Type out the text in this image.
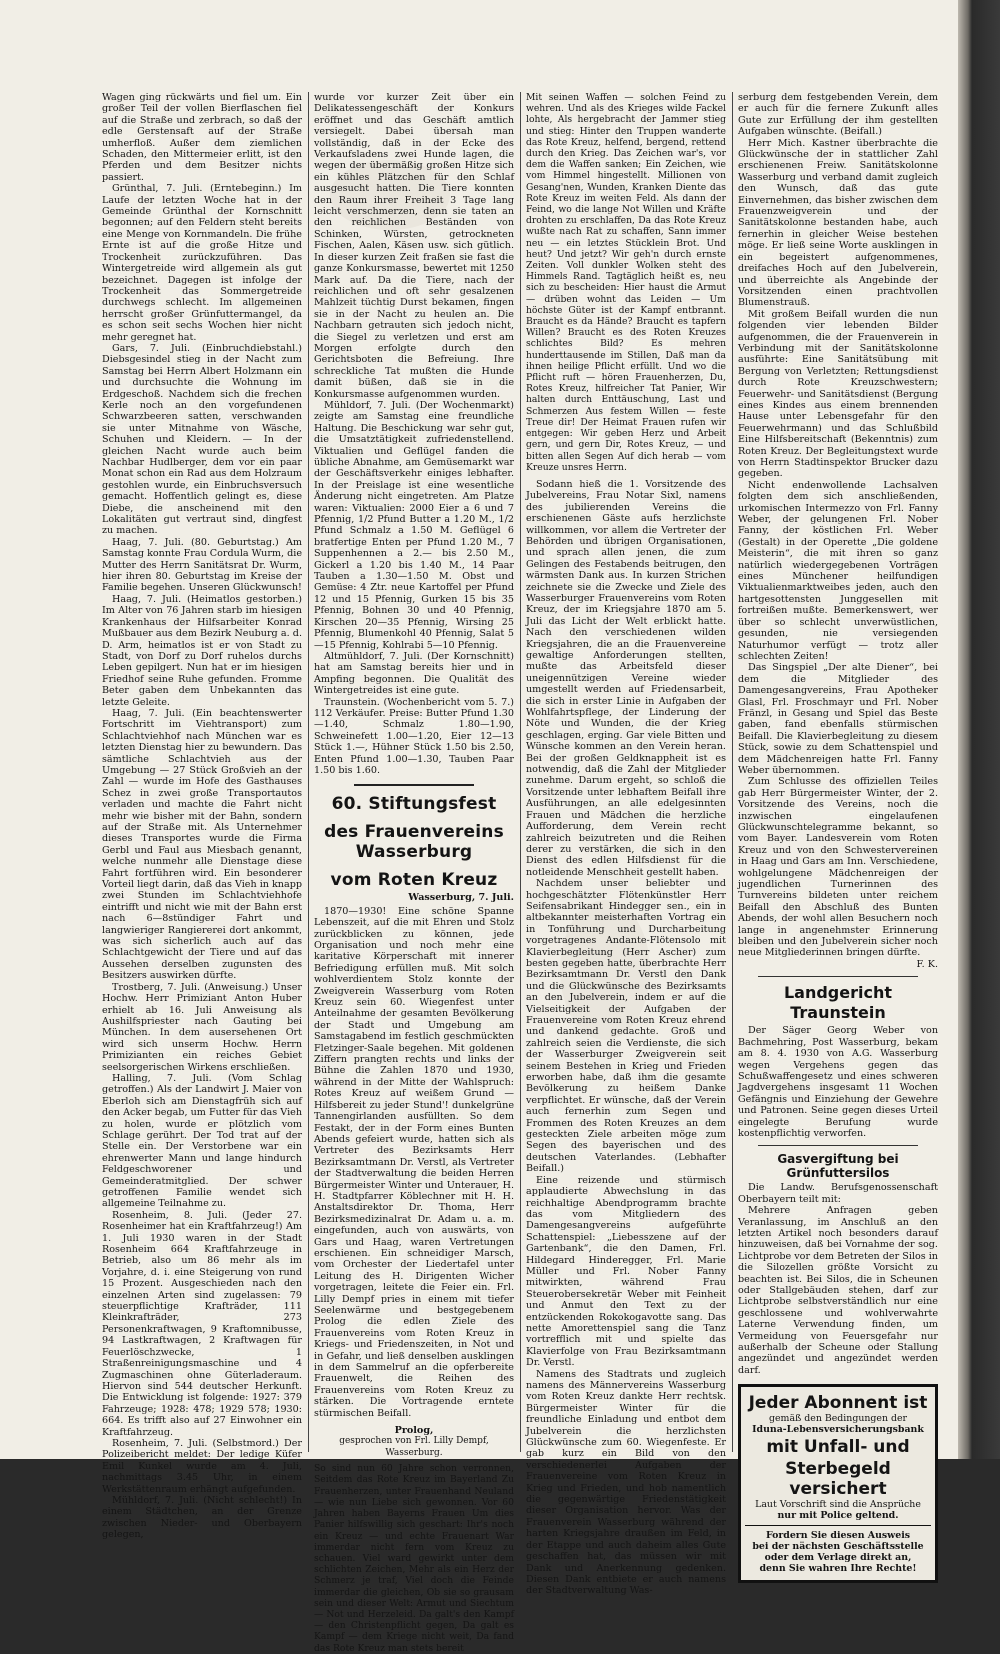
Wagen ging rückwärts und fiel um. Ein großer Teil der vollen Bierflaschen fiel auf die Straße und zerbrach, so daß der edle Gerstensaft auf der Straße umherfloß. Außer dem ziemlichen Schaden, den Mittermeier erlitt, ist den Pferden und dem Besitzer nichts passiert.

Grünthal, 7. Juli. (Erntebeginn.) Im Laufe der letzten Woche hat in der Gemeinde Grünthal der Kornschnitt begonnen; auf den Feldern steht bereits eine Menge von Kornmandeln. Die frühe Ernte ist auf die große Hitze und Trockenheit zurückzuführen. Das Wintergetreide wird allgemein als gut bezeichnet. Dagegen ist infolge der Trockenheit das Sommergetreide durchwegs schlecht. Im allgemeinen herrscht großer Grünfuttermangel, da es schon seit sechs Wochen hier nicht mehr geregnet hat.

Gars, 7. Juli. (Einbruchdiebstahl.) Diebsgesindel stieg in der Nacht zum Samstag bei Herrn Albert Holzmann ein und durchsuchte die Wohnung im Erdgeschoß. Nachdem sich die frechen Kerle noch an den vorgefundenen Schwarzbeeren satten, verschwanden sie unter Mitnahme von Wäsche, Schuhen und Kleidern. — In der gleichen Nacht wurde auch beim Nachbar Hudlberger, dem vor ein paar Monat schon ein Rad aus dem Holzraum gestohlen wurde, ein Einbruchsversuch gemacht. Hoffentlich gelingt es, diese Diebe, die anscheinend mit den Lokalitäten gut vertraut sind, dingfest zu machen.

Haag, 7. Juli. (80. Geburtstag.) Am Samstag konnte Frau Cordula Wurm, die Mutter des Herrn Sanitätsrat Dr. Wurm, hier ihren 80. Geburtstag im Kreise der Familie begehen. Unseren Glückwunsch!

Haag, 7. Juli. (Heimatlos gestorben.) Im Alter von 76 Jahren starb im hiesigen Krankenhaus der Hilfsarbeiter Konrad Mußbauer aus dem Bezirk Neuburg a. d. D. Arm, heimatlos ist er von Stadt zu Stadt, von Dorf zu Dorf ruhelos durchs Leben gepilgert. Nun hat er im hiesigen Friedhof seine Ruhe gefunden. Fromme Beter gaben dem Unbekannten das letzte Geleite.

Haag, 7. Juli. (Ein beachtenswerter Fortschritt im Viehtransport) zum Schlachtviehhof nach München war es letzten Dienstag hier zu bewundern. Das sämtliche Schlachtvieh aus der Umgebung — 27 Stück Großvieh an der Zahl — wurde im Hofe des Gasthauses Schez in zwei große Transportautos verladen und machte die Fahrt nicht mehr wie bisher mit der Bahn, sondern auf der Straße mit. Als Unternehmer dieses Transportes wurde die Firma Gerbl und Faul aus Miesbach genannt, welche nunmehr alle Dienstage diese Fahrt fortführen wird. Ein besonderer Vorteil liegt darin, daß das Vieh in knapp zwei Stunden im Schlachtviehhofe eintrifft und nicht wie mit der Bahn erst nach 6—8stündiger Fahrt und langwieriger Rangiererei dort ankommt, was sich sicherlich auch auf das Schlachtgewicht der Tiere und auf das Aussehen derselben zugunsten des Besitzers auswirken dürfte.

Trostberg, 7. Juli. (Anweisung.) Unser Hochw. Herr Primiziant Anton Huber erhielt ab 16. Juli Anweisung als Aushilfspriester nach Gauting bei München. In dem ausersehenen Ort wird sich unserm Hochw. Herrn Primizianten ein reiches Gebiet seelsorgerischen Wirkens erschließen.

Halling, 7. Juli. (Vom Schlag getroffen.) Als der Landwirt J. Maier von Eberloh sich am Dienstagfrüh sich auf den Acker begab, um Futter für das Vieh zu holen, wurde er plötzlich vom Schlage gerührt. Der Tod trat auf der Stelle ein. Der Verstorbene war ein ehrenwerter Mann und lange hindurch Feldgeschworener und Gemeinderatmitglied. Der schwer getroffenen Familie wendet sich allgemeine Teilnahme zu.

Rosenheim, 8. Juli. (Jeder 27. Rosenheimer hat ein Kraftfahrzeug!) Am 1. Juli 1930 waren in der Stadt Rosenheim 664 Kraftfahrzeuge in Betrieb, also um 86 mehr als im Vorjahre, d. i. eine Steigerung von rund 15 Prozent. Ausgeschieden nach den einzelnen Arten sind zugelassen: 79 steuerpflichtige Krafträder, 111 Kleinkrafträder, 273 Personenkraftwagen, 9 Kraftomnibusse, 94 Lastkraftwagen, 2 Kraftwagen für Feuerlöschzwecke, 1 Straßenreinigungsmaschine und 4 Zugmaschinen ohne Güterladeraum. Hiervon sind 544 deutscher Herkunft. Die Entwicklung ist folgende: 1927: 379 Fahrzeuge; 1928: 478; 1929 578; 1930: 664. Es trifft also auf 27 Einwohner ein Kraftfahrzeug.

Rosenheim, 7. Juli. (Selbstmord.) Der Polizeibericht meldet: Der ledige Küfer Emil Kunkel wurde am 4. Juli, nachmittags 3.45 Uhr, in einem Werkstättenraum erhängt aufgefunden.

Mühldorf, 7. Juli. (Nicht schlecht!) In einem Städtchen, an der Grenze zwischen Nieder- und Oberbayern gelegen,

wurde vor kurzer Zeit über ein Delikatessengeschäft der Konkurs eröffnet und das Geschäft amtlich versiegelt. Dabei übersah man vollständig, daß in der Ecke des Verkaufsladens zwei Hunde lagen, die wegen der übermäßig großen Hitze sich ein kühles Plätzchen für den Schlaf ausgesucht hatten. Die Tiere konnten den Raum ihrer Freiheit 3 Tage lang leicht verschmerzen, denn sie taten an den reichlichen Beständen von Schinken, Würsten, getrockneten Fischen, Aalen, Käsen usw. sich gütlich. In dieser kurzen Zeit fraßen sie fast die ganze Konkursmasse, bewertet mit 1250 Mark auf. Da die Tiere, nach der reichlichen und oft sehr gesalzenen Mahlzeit tüchtig Durst bekamen, fingen sie in der Nacht zu heulen an. Die Nachbarn getrauten sich jedoch nicht, die Siegel zu verletzen und erst am Morgen erfolgte durch den Gerichtsboten die Befreiung. Ihre schreckliche Tat mußten die Hunde damit büßen, daß sie in die Konkursmasse aufgenommen wurden.

Mühldorf, 7. Juli. (Der Wochenmarkt) zeigte am Samstag eine freundliche Haltung. Die Beschickung war sehr gut, die Umsatztätigkeit zufriedenstellend. Viktualien und Geflügel fanden die übliche Abnahme, am Gemüsemarkt war der Geschäftsverkehr einiges lebhafter. In der Preislage ist eine wesentliche Änderung nicht eingetreten. Am Platze waren: Viktualien: 2000 Eier a 6 und 7 Pfennig, 1/2 Pfund Butter a 1.20 M., 1/2 Pfund Schmalz a 1.50 M. Geflügel 6 bratfertige Enten per Pfund 1.20 M., 7 Suppenhennen a 2.— bis 2.50 M., Gickerl a 1.20 bis 1.40 M., 14 Paar Tauben a 1.30—1.50 M. Obst und Gemüse: 4 Ztr. neue Kartoffel per Pfund 12 und 15 Pfennig, Gurken 15 bis 35 Pfennig, Bohnen 30 und 40 Pfennig, Kirschen 20—35 Pfennig, Wirsing 25 Pfennig, Blumenkohl 40 Pfennig, Salat 5—15 Pfennig, Kohlrabi 5—10 Pfennig.

Altmühldorf, 7. Juli. (Der Kornschnitt) hat am Samstag bereits hier und in Ampfing begonnen. Die Qualität des Wintergetreides ist eine gute.

Traunstein. (Wochenbericht vom 5. 7.) 112 Verkäufer. Preise: Butter Pfund 1.30—1.40, Schmalz 1.80—1.90, Schweinefett 1.00—1.20, Eier 12—13 Stück 1.—, Hühner Stück 1.50 bis 2.50, Enten Pfund 1.00—1.30, Tauben Paar 1.50 bis 1.60.

60. Stiftungsfest
des Frauenvereins Wasserburg
vom Roten Kreuz
Wasserburg, 7. Juli.

1870—1930! Eine schöne Spanne Lebenszeit, auf die mit Ehren und Stolz zurückblicken zu können, jede Organisation und noch mehr eine karitative Körperschaft mit innerer Befriedigung erfüllen muß. Mit solch wohlverdientem Stolz konnte der Zweigverein Wasserburg vom Roten Kreuz sein 60. Wiegenfest unter Anteilnahme der gesamten Bevölkerung der Stadt und Umgebung am Samstagabend im festlich geschmückten Fletzinger-Saale begehen. Mit goldenen Ziffern prangten rechts und links der Bühne die Zahlen 1870 und 1930, während in der Mitte der Wahlspruch: Rotes Kreuz auf weißem Grund — Hilfsbereit zu jeder Stund'! dunkelgrüne Tannengirlanden ausfüllten. So dem Festakt, der in der Form eines Bunten Abends gefeiert wurde, hatten sich als Vertreter des Bezirksamts Herr Bezirksamtmann Dr. Verstl, als Vertreter der Stadtverwaltung die beiden Herren Bürgermeister Winter und Unterauer, H. H. Stadtpfarrer Köblechner mit H. H. Anstaltsdirektor Dr. Thoma, Herr Bezirksmedizinalrat Dr. Adam u. a. m. eingefunden, auch von auswärts, von Gars und Haag, waren Vertretungen erschienen. Ein schneidiger Marsch, vom Orchester der Liedertafel unter Leitung des H. Dirigenten Wicher vorgetragen, leitete die Feier ein. Frl. Lilly Dempf pries in einem mit tiefer Seelenwärme und bestgegebenem Prolog die edlen Ziele des Frauenvereins vom Roten Kreuz in Kriegs- und Friedenszeiten, in Not und in Gefahr, und ließ denselben ausklingen in dem Sammelruf an die opferbereite Frauenwelt, die Reihen des Frauenvereins vom Roten Kreuz zu stärken. Die Vortragende erntete stürmischen Beifall.

Prolog,
gesprochen von Frl. Lilly Dempf, Wasserburg.

So sind nun 60 Jahre schon verronnen, Seitdem das Rote Kreuz im Bayerland Zu Frauenherzen, unter Frauenhand Neuland — wie nun Liebe sich gewonnen. Vor 60 Jahren haben Bayerns Frauen Um dies Panier hilfswillig sich geschart: Ihr's noch ein Kreuz — und echte Frauenart War immerdar nicht fern vom Kreuz zu schauen. Viel ward gewirkt unter dem schlichten Zeichen, Mehr als ein Herz der Schmerz je traf, Viel doch die Feinde immerdar die gleichen, Ob sie so grausam sein und dieser Welt: Armut und Siechtum — Not und Herzeleid. Da galt's den Kampf — den Christenpflicht gegen, Da galt es Kampf — dem Kriege nicht weit, Da fand das Rote Kreuz man stets bereit

Mit seinen Waffen — solchen Feind zu wehren. Und als des Krieges wilde Fackel lohte, Als hergebracht der Jammer stieg und stieg: Hinter den Truppen wanderte das Rote Kreuz, helfend, bergend, rettend durch den Krieg. Das Zeichen war's, vor dem die Waffen sanken; Ein Zeichen, wie vom Himmel hingestellt. Millionen von Gesang'nen, Wunden, Kranken Diente das Rote Kreuz im weiten Feld. Als dann der Feind, wo die lange Not Willen und Kräfte drohten zu erschlaffen, Da das Rote Kreuz wußte nach Rat zu schaffen, Sann immer neu — ein letztes Stücklein Brot. Und heut? Und jetzt? Wir geh'n durch ernste Zeiten. Voll dunkler Wolken steht des Himmels Rand. Tagtäglich heißt es, neu sich zu bescheiden: Hier haust die Armut — drüben wohnt das Leiden — Um höchste Güter ist der Kampf entbrannt. Braucht es da Hände? Braucht es tapfern Willen? Braucht es des Roten Kreuzes schlichtes Bild? Es mehren hunderttausende im Stillen, Daß man da ihnen heilige Pflicht erfüllt. Und wo die Pflicht ruft — hören Frauenherzen, Du, Rotes Kreuz, hilfreicher Tat Panier, Wir halten durch Enttäuschung, Last und Schmerzen Aus festem Willen — feste Treue dir! Der Heimat Frauen rufen wir entgegen: Wir geben Herz und Arbeit gern, und gern Dir, Rotes Kreuz, — und bitten allen Segen Auf dich herab — vom Kreuze unsres Herrn.

Sodann hieß die 1. Vorsitzende des Jubelvereins, Frau Notar Sixl, namens des jubilierenden Vereins die erschienenen Gäste aufs herzlichste willkommen, vor allem die Vertreter der Behörden und übrigen Organisationen, und sprach allen jenen, die zum Gelingen des Festabends beitrugen, den wärmsten Dank aus. In kurzen Strichen zeichnete sie die Zwecke und Ziele des Wasserburger Frauenvereins vom Roten Kreuz, der im Kriegsjahre 1870 am 5. Juli das Licht der Welt erblickt hatte. Nach den verschiedenen wilden Kriegsjahren, die an die Frauenvereine gewaltige Anforderungen stellten, mußte das Arbeitsfeld dieser uneigennützigen Vereine wieder umgestellt werden auf Friedensarbeit, die sich in erster Linie in Aufgaben der Wohlfahrtspflege, der Linderung der Nöte und Wunden, die der Krieg geschlagen, erging. Gar viele Bitten und Wünsche kommen an den Verein heran. Bei der großen Geldknappheit ist es notwendig, daß die Zahl der Mitglieder zunehme. Darum ergeht, so schloß die Vorsitzende unter lebhaftem Beifall ihre Ausführungen, an alle edelgesinnten Frauen und Mädchen die herzliche Aufforderung, dem Verein recht zahlreich beizutreten und die Reihen derer zu verstärken, die sich in den Dienst des edlen Hilfsdienst für die notleidende Menschheit gestellt haben.

Nachdem unser beliebter und hochgeschätzter Flötenkünstler Herr Seifensabrikant Hindegger sen., ein in altbekannter meisterhaften Vortrag ein in Tonführung und Durcharbeitung vorgetragenes Andante-Flötensolo mit Klavierbegleitung (Herr Ascher) zum besten gegeben hatte, überbrachte Herr Bezirksamtmann Dr. Verstl den Dank und die Glückwünsche des Bezirksamts an den Jubelverein, indem er auf die Vielseitigkeit der Aufgaben der Frauenvereine vom Roten Kreuz ehrend und dankend gedachte. Groß und zahlreich seien die Verdienste, die sich der Wasserburger Zweigverein seit seinem Bestehen in Krieg und Frieden erworben habe, daß ihm die gesamte Bevölkerung zu heißem Danke verpflichtet. Er wünsche, daß der Verein auch fernerhin zum Segen und Frommen des Roten Kreuzes an dem gesteckten Ziele arbeiten möge zum Segen des bayerischen und des deutschen Vaterlandes. (Lebhafter Beifall.)

Eine reizende und stürmisch applaudierte Abwechslung in das reichhaltige Abendprogramm brachte das vom Mitgliedern des Damengesangvereins aufgeführte Schattenspiel: „Liebesszene auf der Gartenbank“, die den Damen, Frl. Hildegard Hinderegger, Frl. Marie Müller und Frl. Nober Fanny mitwirkten, während Frau Steuerobersekretär Weber mit Feinheit und Anmut den Text zu der entzückenden Rokokogavotte sang. Das nette Amorettenspiel sang die Tanz vortrefflich mit und spielte das Klavierfolge von Frau Bezirksamtmann Dr. Verstl.

Namens des Stadtrats und zugleich namens des Männervereins Wasserburg vom Roten Kreuz dankte Herr rechtsk. Bürgermeister Winter für die freundliche Einladung und entbot dem Jubelverein die herzlichsten Glückwünsche zum 60. Wiegenfeste. Er gab kurz ein Bild von den verschiedenerlei Aufgaben der Frauenvereine vom Roten Kreuz in Krieg und Frieden, und hob namentlich die gegenwärtige Friedenstätigkeit dieser Organisation hervor. Was der Frauenverein Wasserburg während der harten Kriegsjahre draußen im Feld, in der Etappe und auch daheim alles Gute geschaffen hat, das müssen wir mit Dank und Anerkennung gedenken. Diesen Dank entbiete er auch namens der Stadtverwaltung Was-

serburg dem festgebenden Verein, dem er auch für die fernere Zukunft alles Gute zur Erfüllung der ihm gestellten Aufgaben wünschte. (Beifall.)

Herr Mich. Kastner überbrachte die Glückwünsche der in stattlicher Zahl erschienenen Freiw. Sanitätskolonne Wasserburg und verband damit zugleich den Wunsch, daß das gute Einvernehmen, das bisher zwischen dem Frauenzweigverein und der Sanitätskolonne bestanden habe, auch fernerhin in gleicher Weise bestehen möge. Er ließ seine Worte ausklingen in ein begeistert aufgenommenes, dreifaches Hoch auf den Jubelverein, und überreichte als Angebinde der Vorsitzenden einen prachtvollen Blumenstrauß.

Mit großem Beifall wurden die nun folgenden vier lebenden Bilder aufgenommen, die der Frauenverein in Verbindung mit der Sanitätskolonne ausführte: Eine Sanitätsübung mit Bergung von Verletzten; Rettungsdienst durch Rote Kreuzschwestern; Feuerwehr- und Sanitätsdienst (Bergung eines Kindes aus einem brennenden Hause unter Lebensgefahr für den Feuerwehrmann) und das Schlußbild Eine Hilfsbereitschaft (Bekenntnis) zum Roten Kreuz. Der Begleitungstext wurde von Herrn Stadtinspektor Brucker dazu gegeben.

Nicht endenwollende Lachsalven folgten dem sich anschließenden, urkomischen Intermezzo von Frl. Fanny Weber, der gelungenen Frl. Nober Fanny, der köstlichen Frl. Weber (Gestalt) in der Operette „Die goldene Meisterin“, die mit ihren so ganz natürlich wiedergegebenen Vorträgen eines Münchener heilfundigen Viktualienmarktweibes jeden, auch den hartgesottensten Junggesellen mit fortreißen mußte. Bemerkenswert, wer über so schlecht unverwüstlichen, gesunden, nie versiegenden Naturhumor verfügt — trotz aller schlechten Zeiten!

Das Singspiel „Der alte Diener“, bei dem die Mitglieder des Damengesangvereins, Frau Apotheker Glasl, Frl. Froschmayr und Frl. Nober Fränzl, in Gesang und Spiel das Beste gaben, fand ebenfalls stürmischen Beifall. Die Klavierbegleitung zu diesem Stück, sowie zu dem Schattenspiel und dem Mädchenreigen hatte Frl. Fanny Weber übernommen.

Zum Schlusse des offiziellen Teiles gab Herr Bürgermeister Winter, der 2. Vorsitzende des Vereins, noch die inzwischen eingelaufenen Glückwunschtelegramme bekannt, so vom Bayer. Landesverein vom Roten Kreuz und von den Schwestervereinen in Haag und Gars am Inn. Verschiedene, wohlgelungene Mädchenreigen der jugendlichen Turnerinnen des Turnvereins bildeten unter reichem Beifall den Abschluß des Bunten Abends, der wohl allen Besuchern noch lange in angenehmster Erinnerung bleiben und den Jubelverein sicher noch neue Mitgliederinnen bringen dürfte.

F. K.

Landgericht Traunstein

Der Säger Georg Weber von Bachmehring, Post Wasserburg, bekam am 8. 4. 1930 von A.G. Wasserburg wegen Vergehens gegen das Schußwaffengesetz und eines schweren Jagdvergehens insgesamt 11 Wochen Gefängnis und Einziehung der Gewehre und Patronen. Seine gegen dieses Urteil eingelegte Berufung wurde kostenpflichtig verworfen.

Gasvergiftung bei Grünfuttersilos

Die Landw. Berufsgenossenschaft Oberbayern teilt mit:

Mehrere Anfragen geben Veranlassung, im Anschluß an den letzten Artikel noch besonders darauf hinzuweisen, daß bei Vornahme der sog. Lichtprobe vor dem Betreten der Silos in die Silozellen größte Vorsicht zu beachten ist. Bei Silos, die in Scheunen oder Stallgebäuden stehen, darf zur Lichtprobe selbstverständlich nur eine geschlossene und wohlverwahrte Laterne Verwendung finden, um Vermeidung von Feuersgefahr nur außerhalb der Scheune oder Stallung angezündet und angezündet werden darf.

Jeder Abonnent ist
gemäß den Bedingungen der
Iduna-Lebensversicherungsbank
mit Unfall- und
Sterbegeld versichert
Laut Vorschrift sind die Ansprüche
nur mit Police geltend.
Fordern Sie diesen Ausweis
bei der nächsten Geschäftsstelle
oder dem Verlage direkt an,
denn Sie wahren Ihre Rechte!
